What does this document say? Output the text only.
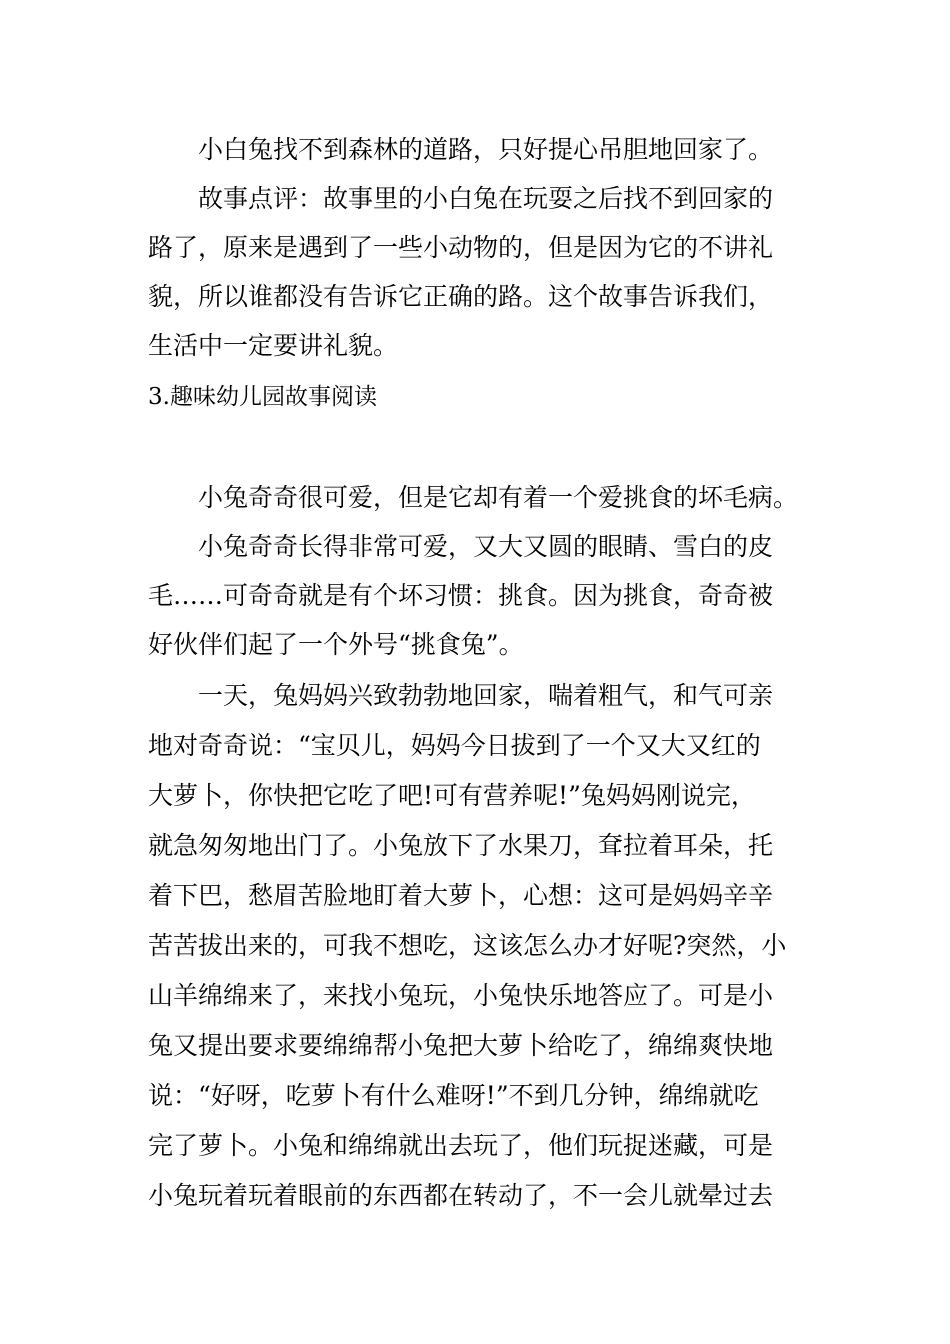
小白兔找不到森林的道路，只好提心吊胆地回家了。
故事点评：故事里的小白兔在玩耍之后找不到回家的
路了，原来是遇到了一些小动物的，但是因为它的不讲礼
貌，所以谁都没有告诉它正确的路。这个故事告诉我们，
生活中一定要讲礼貌。
3.趣味幼儿园故事阅读
小兔奇奇很可爱，但是它却有着一个爱挑食的坏毛病。
小兔奇奇长得非常可爱，又大又圆的眼睛、雪白的皮
毛……可奇奇就是有个坏习惯：挑食。因为挑食，奇奇被
好伙伴们起了一个外号“挑食兔”。
一天，兔妈妈兴致勃勃地回家，喘着粗气，和气可亲
地对奇奇说：“宝贝儿，妈妈今日拔到了一个又大又红的
大萝卜，你快把它吃了吧!可有营养呢!”兔妈妈刚说完，
就急匆匆地出门了。小兔放下了水果刀，耷拉着耳朵，托
着下巴，愁眉苦脸地盯着大萝卜，心想：这可是妈妈辛辛
苦苦拔出来的，可我不想吃，这该怎么办才好呢?突然，小
山羊绵绵来了，来找小兔玩，小兔快乐地答应了。可是小
兔又提出要求要绵绵帮小兔把大萝卜给吃了，绵绵爽快地
说：“好呀，吃萝卜有什么难呀!”不到几分钟，绵绵就吃
完了萝卜。小兔和绵绵就出去玩了，他们玩捉迷藏，可是
小兔玩着玩着眼前的东西都在转动了，不一会儿就晕过去
